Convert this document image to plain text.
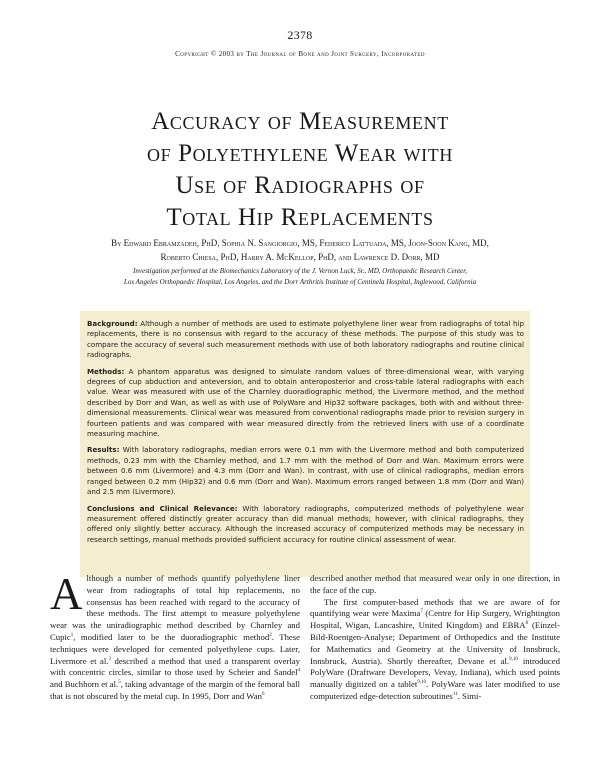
2378
Copyright © 2003 by The Journal of Bone and Joint Surgery, Incorporated
Accuracy of Measurement
of Polyethylene Wear with
Use of Radiographs of
Total Hip Replacements
By Edward Ebramzadeh, PhD, Sophia N. Sangiorgio, MS, Federico Lattuada, MS, Joon-Soon Kang, MD,
Roberto Chiesa, PhD, Harry A. McKellop, PhD, and Lawrence D. Dorr, MD
Investigation performed at the Biomechanics Laboratory of the J. Vernon Luck, Sr., MD, Orthopaedic Research Center,
Los Angeles Orthopaedic Hospital, Los Angeles, and the Dorr Arthritis Institute of Centinela Hospital, Inglewood, California

Background: Although a number of methods are used to estimate polyethylene liner wear from radiographs of total hip replacements, there is no consensus with regard to the accuracy of these methods. The purpose of this study was to compare the accuracy of several such measurement methods with use of both laboratory radiographs and routine clinical radiographs.

Methods: A phantom apparatus was designed to simulate random values of three-dimensional wear, with varying degrees of cup abduction and anteversion, and to obtain anteroposterior and cross-table lateral radiographs with each value. Wear was measured with use of the Charnley duoradiographic method, the Livermore method, and the method described by Dorr and Wan, as well as with use of PolyWare and Hip32 software packages, both with and without three-dimensional measurements. Clinical wear was measured from conventional radiographs made prior to revision surgery in fourteen patients and was compared with wear measured directly from the retrieved liners with use of a coordinate measuring machine.

Results: With laboratory radiographs, median errors were 0.1 mm with the Livermore method and both computerized methods, 0.23 mm with the Charnley method, and 1.7 mm with the method of Dorr and Wan. Maximum errors were between 0.6 mm (Livermore) and 4.3 mm (Dorr and Wan). In contrast, with use of clinical radiographs, median errors ranged between 0.2 mm (Hip32) and 0.6 mm (Dorr and Wan). Maximum errors ranged between 1.8 mm (Dorr and Wan) and 2.5 mm (Livermore).

Conclusions and Clinical Relevance: With laboratory radiographs, computerized methods of polyethylene wear measurement offered distinctly greater accuracy than did manual methods; however, with clinical radiographs, they offered only slightly better accuracy. Although the increased accuracy of computerized methods may be necessary in research settings, manual methods provided sufficient accuracy for routine clinical assessment of wear.

Although a number of methods quantify polyethylene liner wear from radiographs of total hip replacements, no consensus has been reached with regard to the accuracy of these methods. The first attempt to measure polyethylene wear was the uniradiographic method described by Charnley and Cupic$^1$, modified later to be the duoradiographic method$^2$. These techniques were developed for cemented polyethylene cups. Later, Livermore et al.$^3$ described a method that used a transparent overlay with concentric circles, similar to those used by Scheier and Sandel$^4$ and Buchhorn et al.$^5$, taking advantage of the margin of the femoral ball that is not obscured by the metal cup. In 1995, Dorr and Wan$^6$

described another method that measured wear only in one direction, in the face of the cup.

The first computer-based methods that we are aware of for quantifying wear were Maxima$^7$ (Centre for Hip Surgery, Wrightington Hospital, Wigan, Lancashire, United Kingdom) and EBRA$^8$ (Einzel-Bild-Roentgen-Analyse; Department of Orthopedics and the Institute for Mathematics and Geometry at the University of Innsbruck, Innsbruck, Austria). Shortly thereafter, Devane et al.$^{9,10}$ introduced PolyWare (Draftware Developers, Vevay, Indiana), which used points manually digitized on a tablet$^{9,10}$. PolyWare was later modified to use computerized edge-detection subroutines$^{11}$. Simi-
